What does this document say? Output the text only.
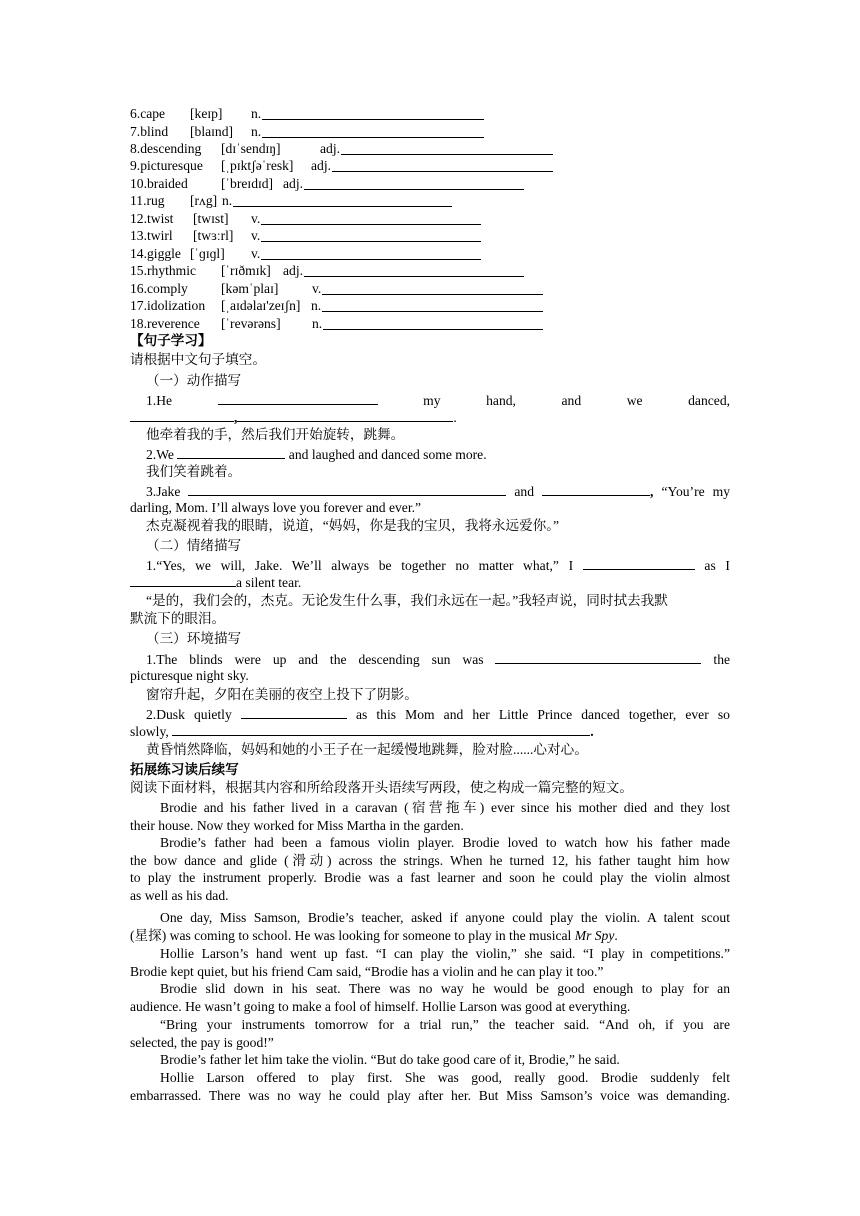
6.cape [keɪp] n.
7.blind [blaɪnd] n.
8.descending [dɪˈsendɪŋ]	adj.
9.picturesque [ˌpɪktʃəˈresk] adj.
10.braided [ˈbreɪdɪd] adj.
11.rug [rʌg] n.
12.twist [twɪst] v.
13.twirl [twɜːrl] v.
14.giggle [ˈɡɪɡl] v.
15.rhythmic [ˈrɪðmɪk] adj.
16.comply [kəmˈplaɪ] v.
17.idolization [ˌaɪdəlaɪ'zeɪʃn] n.
18.reverence [ˈrevərəns] n.
【句子学习】
请根据中文句子填空。
（一）动作描写
1.He	my	hand,	and	we	danced,
,	.
他牵着我的手，然后我们开始旋转，跳舞。
2.We	and laughed and danced some more.
我们笑着跳着。
3.Jake	and	, “You’re my
darling, Mom. I’ll always love you forever and ever.”
杰克凝视着我的眼睛，说道，“妈妈，你是我的宝贝，我将永远爱你。”
（二）情绪描写
1.“Yes, we will, Jake. We’ll always be together no matter what,” I	as I
a silent tear.
“是的，我们会的，杰克。无论发生什么事，我们永远在一起。”我轻声说，同时拭去我默
默流下的眼泪。
（三）环境描写
1.The blinds were up and the descending sun was	the
picturesque night sky.
窗帘升起，夕阳在美丽的夜空上投下了阴影。
2.Dusk quietly	as this Mom and her Little Prince danced together, ever so
slowly,	.
黄昏悄然降临，妈妈和她的小王子在一起缓慢地跳舞，脸对脸......心对心。
拓展练习读后续写
阅读下面材料，根据其内容和所给段落开头语续写两段，使之构成一篇完整的短文。
Brodie and his father lived in a caravan (宿营拖车) ever since his mother died and they lost
their house. Now they worked for Miss Martha in the garden.
Brodie’s father had been a famous violin player. Brodie loved to watch how his father made
the bow dance and glide (滑动) across the strings. When he turned 12, his father taught him how
to play the instrument properly. Brodie was a fast learner and soon he could play the violin almost
as well as his dad.
One day, Miss Samson, Brodie’s teacher, asked if anyone could play the violin. A talent scout
(星探) was coming to school. He was looking for someone to play in the musical Mr Spy.
Hollie Larson’s hand went up fast. “I can play the violin,” she said. “I play in competitions.”
Brodie kept quiet, but his friend Cam said, “Brodie has a violin and he can play it too.”
Brodie slid down in his seat. There was no way he would be good enough to play for an
audience. He wasn’t going to make a fool of himself. Hollie Larson was good at everything.
“Bring your instruments tomorrow for a trial run,” the teacher said. “And oh, if you are
selected, the pay is good!”
Brodie’s father let him take the violin. “But do take good care of it, Brodie,” he said.
Hollie Larson offered to play first. She was good, really good. Brodie suddenly felt
embarrassed. There was no way he could play after her. But Miss Samson’s voice was demanding.
